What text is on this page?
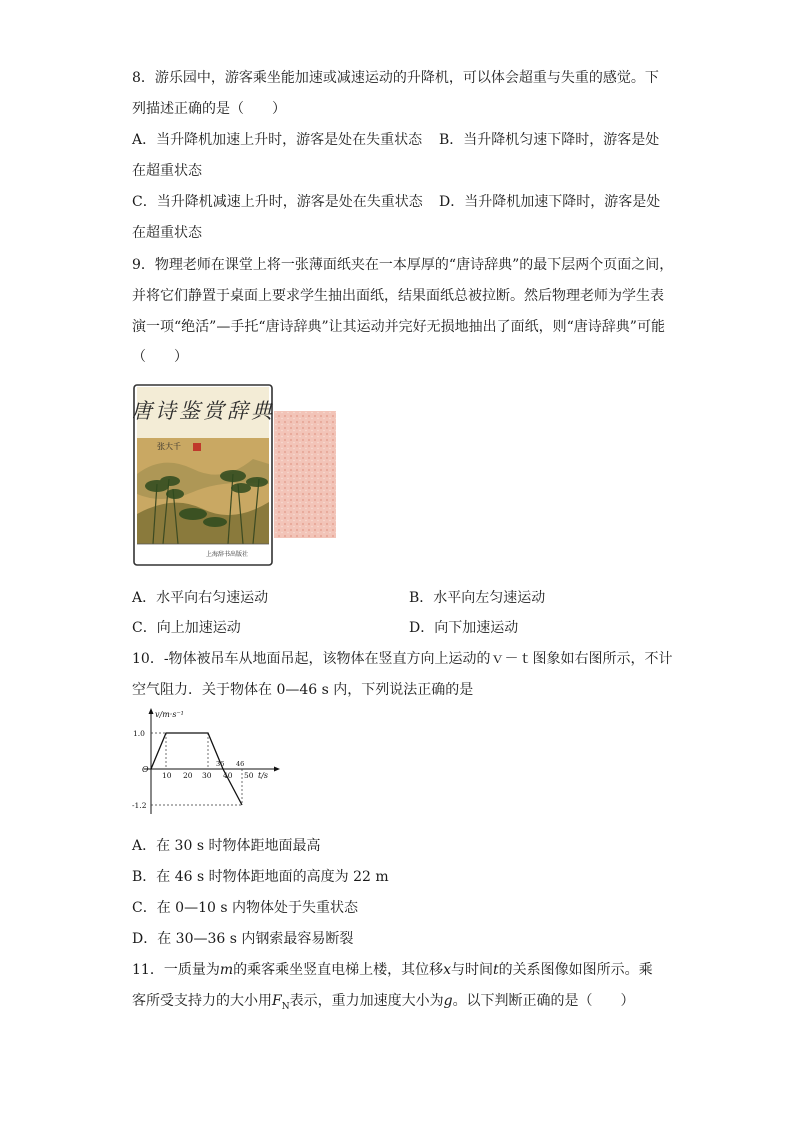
8．游乐园中，游客乘坐能加速或减速运动的升降机，可以体会超重与失重的感觉。下
列描述正确的是（　　）
A．当升降机加速上升时，游客是处在失重状态 B．当升降机匀速下降时，游客是处
在超重状态
C．当升降机减速上升时，游客是处在失重状态 D．当升降机加速下降时，游客是处
在超重状态
9．物理老师在课堂上将一张薄面纸夹在一本厚厚的“唐诗辞典”的最下层两个页面之间，
并将它们静置于桌面上要求学生抽出面纸，结果面纸总被拉断。然后物理老师为学生表
演一项“绝活”—手托“唐诗辞典”让其运动并完好无损地抽出了面纸，则“唐诗辞典”可能
（　　）
唐诗鉴赏辞典
张大千
上海辞书出版社
A．水平向右匀速运动	B．水平向左匀速运动
C．向上加速运动	D．向下加速运动
10．-物体被吊车从地面吊起，该物体在竖直方向上运动的ｖ－ｔ图象如右图所示，不计
空气阻力．关于物体在 0—46 s 内，下列说法正确的是
v/m·s⁻¹
t/s
O
1.0
-1.2
10 20 30 40 50
36 46
A．在 30 s 时物体距地面最高
B．在 46 s 时物体距地面的高度为 22 m
C．在 0—10 s 内物体处于失重状态
D．在 30—36 s 内钢索最容易断裂
11．一质量为m的乘客乘坐竖直电梯上楼，其位移x与时间t的关系图像如图所示。乘
客所受支持力的大小用$F_N$表示，重力加速度大小为g。以下判断正确的是（　　）
